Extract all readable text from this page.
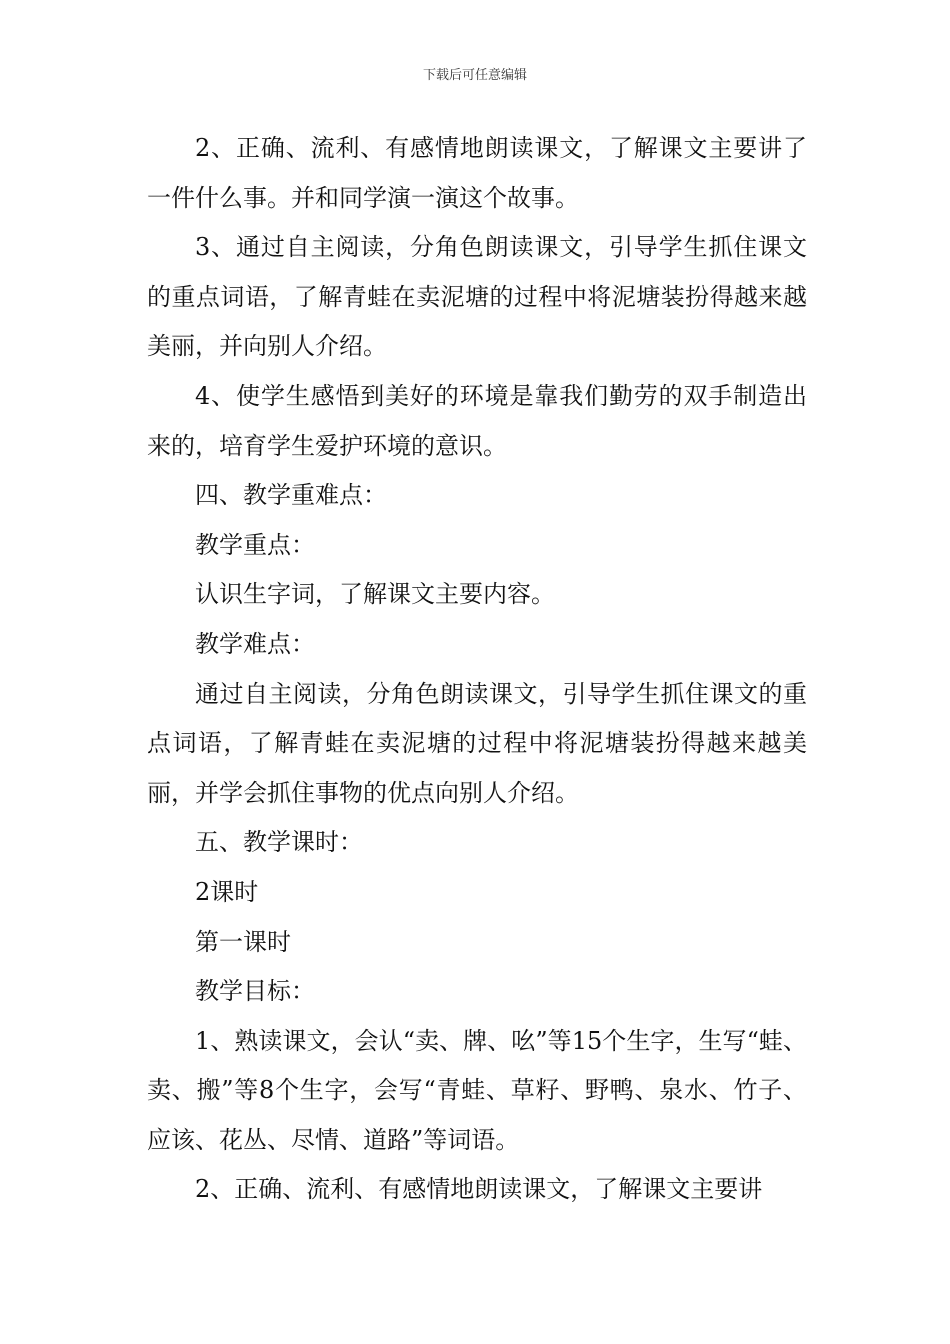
下载后可任意编辑

2、正确、流利、有感情地朗读课文，了解课文主要讲了一件什么事。并和同学演一演这个故事。

3、通过自主阅读，分角色朗读课文，引导学生抓住课文的重点词语，了解青蛙在卖泥塘的过程中将泥塘装扮得越来越美丽，并向别人介绍。

4、使学生感悟到美好的环境是靠我们勤劳的双手制造出来的，培育学生爱护环境的意识。

四、教学重难点：

教学重点：

认识生字词，了解课文主要内容。

教学难点：

通过自主阅读，分角色朗读课文，引导学生抓住课文的重点词语，了解青蛙在卖泥塘的过程中将泥塘装扮得越来越美丽，并学会抓住事物的优点向别人介绍。

五、教学课时：

2课时

第一课时

教学目标：

1、熟读课文，会认“卖、牌、吆”等15个生字，生写“蛙、卖、搬”等8个生字，会写“青蛙、草籽、野鸭、泉水、竹子、应该、花丛、尽情、道路”等词语。

2、正确、流利、有感情地朗读课文，了解课文主要讲
